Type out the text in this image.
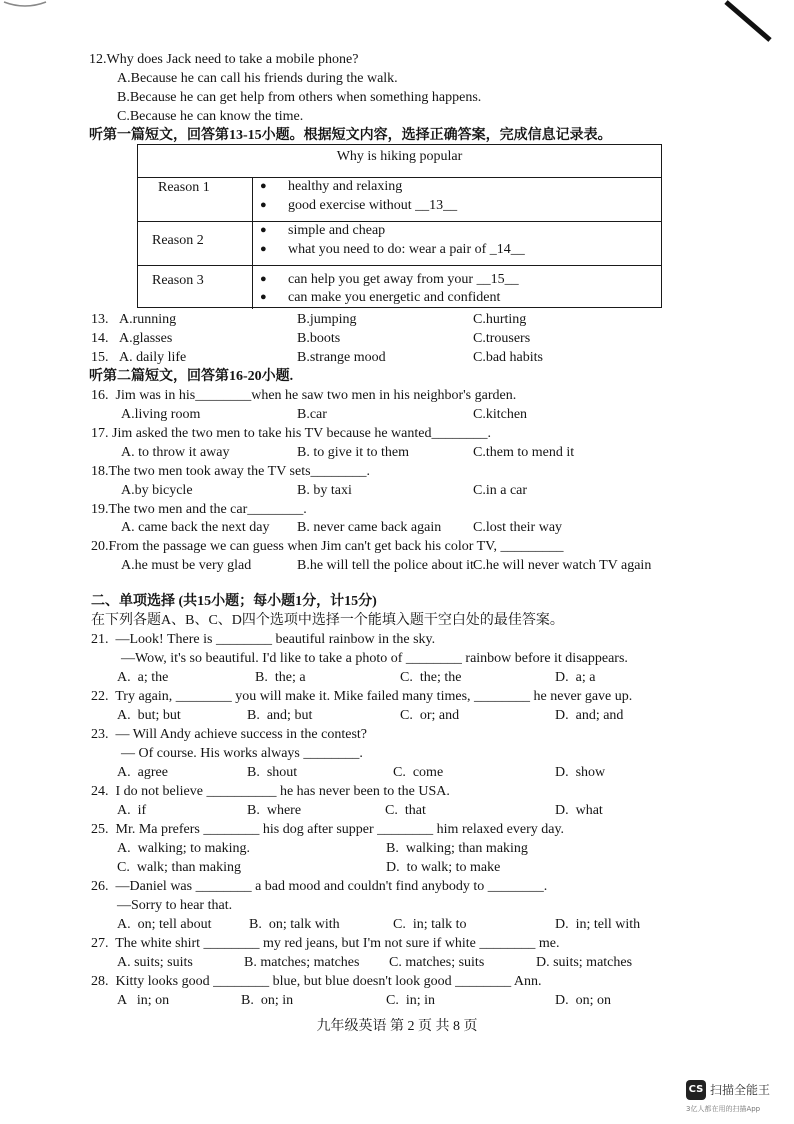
12.Why does Jack need to take a mobile phone?
A.Because he can call his friends during the walk.
B.Because he can get help from others when something happens.
C.Because he can know the time.
听第一篇短文，回答第13-15小题。根据短文内容，选择正确答案，完成信息记录表。
Why is hiking popular
Reason 1	● healthy and relaxing
● good exercise without __13__
Reason 2
● simple and cheap
● what you need to do: wear a pair of _14__
Reason 3	● can help you get away from your __15__
● can make you energetic and confident
13. A.running	B.jumping	C.hurting
14. A.glasses	B.boots	C.trousers
15. A. daily life	B.strange mood	C.bad habits
听第二篇短文，回答第16-20小题.
16.  Jim was in his________when he saw two men in his neighbor's garden.
A.living room	B.car	C.kitchen
17. Jim asked the two men to take his TV because he wanted________.
A. to throw it away	B. to give it to them	C.them to mend it
18.The two men took away the TV sets________.
A.by bicycle	B. by taxi	C.in a car
19.The two men and the car________.
A. came back the next day B. never came back again C.lost their way
20.From the passage we can guess when Jim can't get back his color TV, _________
A.he must be very glad	B.he will tell the police about it C.he will never watch TV again
二、单项选择 (共15小题；每小题1分，计15分)
在下列各题A、B、C、D四个选项中选择一个能填入题干空白处的最佳答案。
21.  —Look! There is ________ beautiful rainbow in the sky.
—Wow, it's so beautiful. I'd like to take a photo of ________ rainbow before it disappears.
A.  a; the	B.  the; a	C.  the; the	D.  a; a
22.  Try again, ________ you will make it. Mike failed many times, ________ he never gave up.
A.  but; but	B.  and; but	C.  or; and	D.  and; and
23.  — Will Andy achieve success in the contest?
— Of course. His works always ________.
A.  agree	B.  shout	C.  come	D.  show
24.  I do not believe __________ he has never been to the USA.
A.  if	B.  where	C.  that	D.  what
25.  Mr. Ma prefers ________ his dog after supper ________ him relaxed every day.
A.  walking; to making.	B.  walking; than making
C.  walk; than making	D.  to walk; to make
26.  —Daniel was ________ a bad mood and couldn't find anybody to ________.
—Sorry to hear that.
A.  on; tell about	B.  on; talk with	C.  in; talk to	D.  in; tell with
27.  The white shirt ________ my red jeans, but I'm not sure if white ________ me.
A. suits; suits	B. matches; matches C. matches; suits	D. suits; matches
28.  Kitty looks good ________ blue, but blue doesn't look good ________ Ann.
A   in; on	B.  on; in	C.  in; in	D.  on; on
九年级英语 第 2 页 共 8 页
CS 扫描全能王
3亿人都在用的扫描App
